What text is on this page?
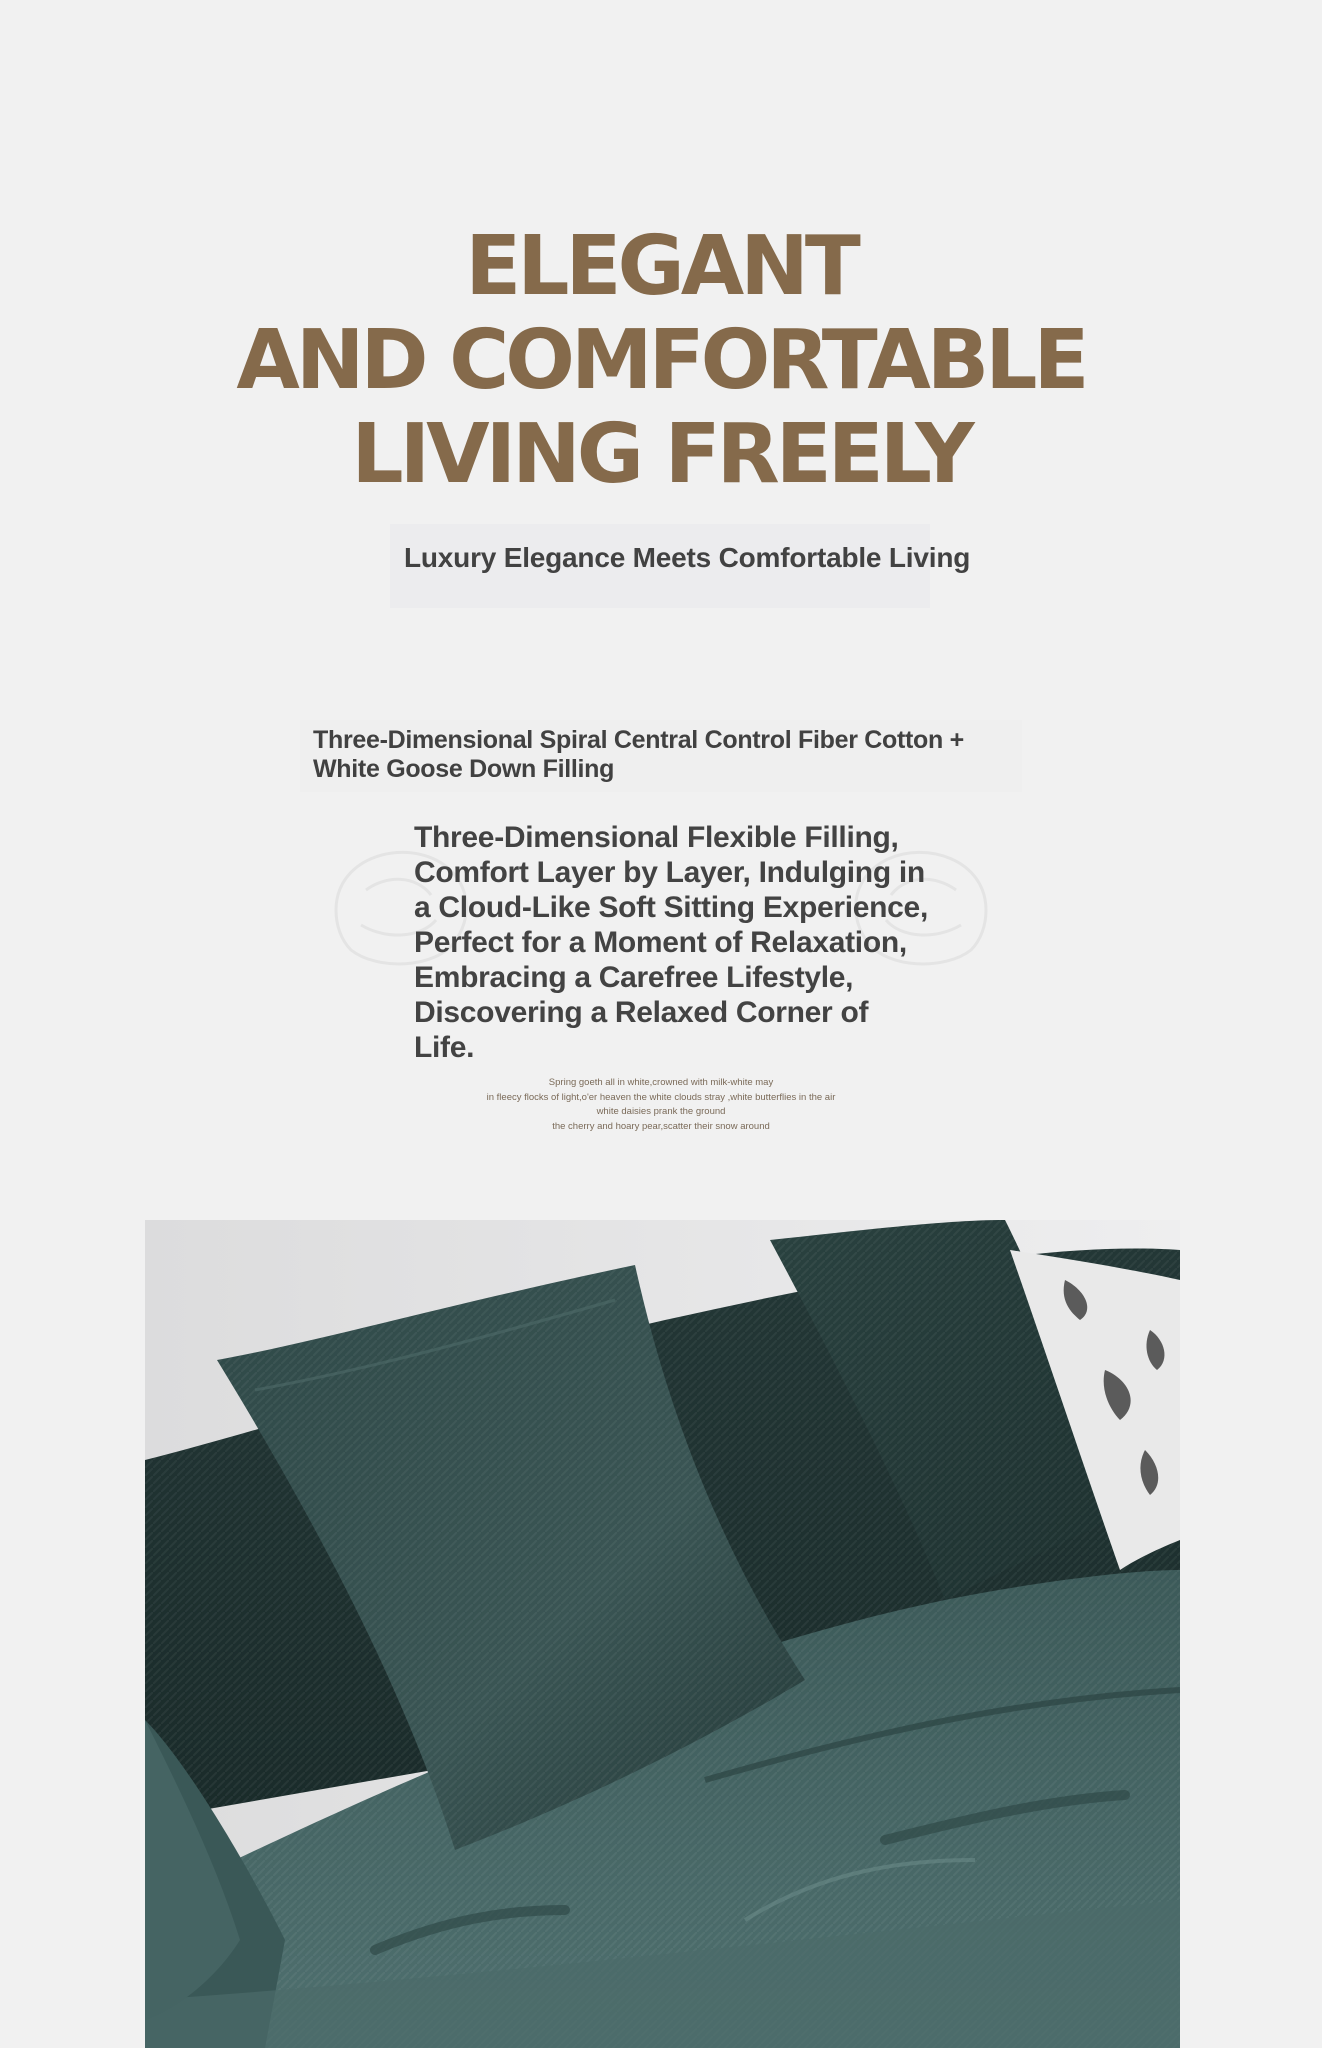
ELEGANT
AND COMFORTABLE
LIVING FREELY

Luxury Elegance Meets Comfortable Living

Three-Dimensional Spiral Central Control Fiber Cotton + White Goose Down Filling

Three-Dimensional Flexible Filling, Comfort Layer by Layer, Indulging in a Cloud-Like Soft Sitting Experience, Perfect for a Moment of Relaxation, Embracing a Carefree Lifestyle, Discovering a Relaxed Corner of Life.

Spring goeth all in white,crowned with milk-white may
in fleecy flocks of light,o'er heaven the white clouds stray ,white butterflies in the air
white daisies prank the ground
the cherry and hoary pear,scatter their snow around
